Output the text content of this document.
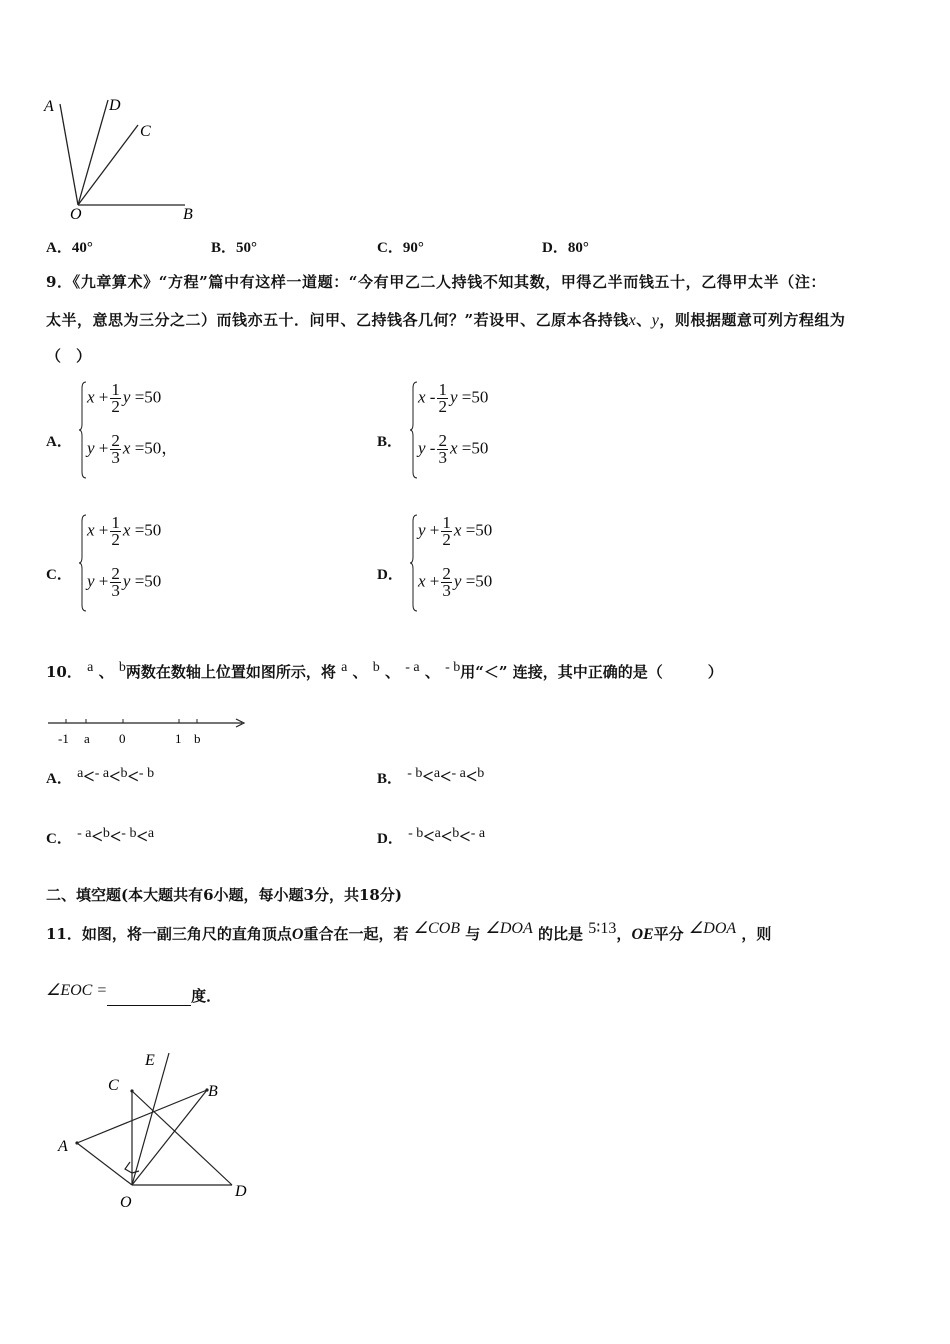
A	D
C
O	B
A．40°	B．50°	C．90°	D．80°
9．《九章算术》“方程”篇中有这样一道题：“今有甲乙二人持钱不知其数，甲得乙半而钱五十，乙得甲太半（注：
太半，意思为三分之二）而钱亦五十．问甲、乙持钱各几何？”若设甲、乙原本各持钱x、y，则根据题意可列方程组为
（　）
A．
$x + \frac{1}{2}$ y =50
$y + \frac{2}{3}$ x =50，	B．
x - $\frac{1}{2}$ y =50
y - $\frac{2}{3}$ x =50
C．
$x + \frac{1}{2}$ x =50
$y + \frac{2}{3}$ y =50	D．
$y + \frac{1}{2}$ x =50
$x + \frac{2}{3}$ y =50
10． $^a$ 、 $^b$两数在数轴上位置如图所示，将 $^a$ 、 $^b$ 、 $^{- a}$ 、 $^{- b}$用“＜” 连接，其中正确的是（　　　）
-1 a 0	1 b
A． $^a$<$^{- a}$<$^b$<$^{- b}$	B． $^{- b}$<$^a$<$^{- a}$<$^b$
C． $^{- a}$<$^b$<$^{- b}$<$^a$	D． $^{- b}$<$^a$<$^b$<$^{- a}$
二、填空题(本大题共有6小题，每小题3分，共18分)
11．如图，将一副三角尺的直角顶点O重合在一起，若 $^{\angle COB}$ 与 $^{\angle DOA}$ 的比是 $^{5∶13}$，OE平分 $^{\angle DOA}$ ，则
$^{\angle EOC =}$	度．
E
C	B
A
O
D
